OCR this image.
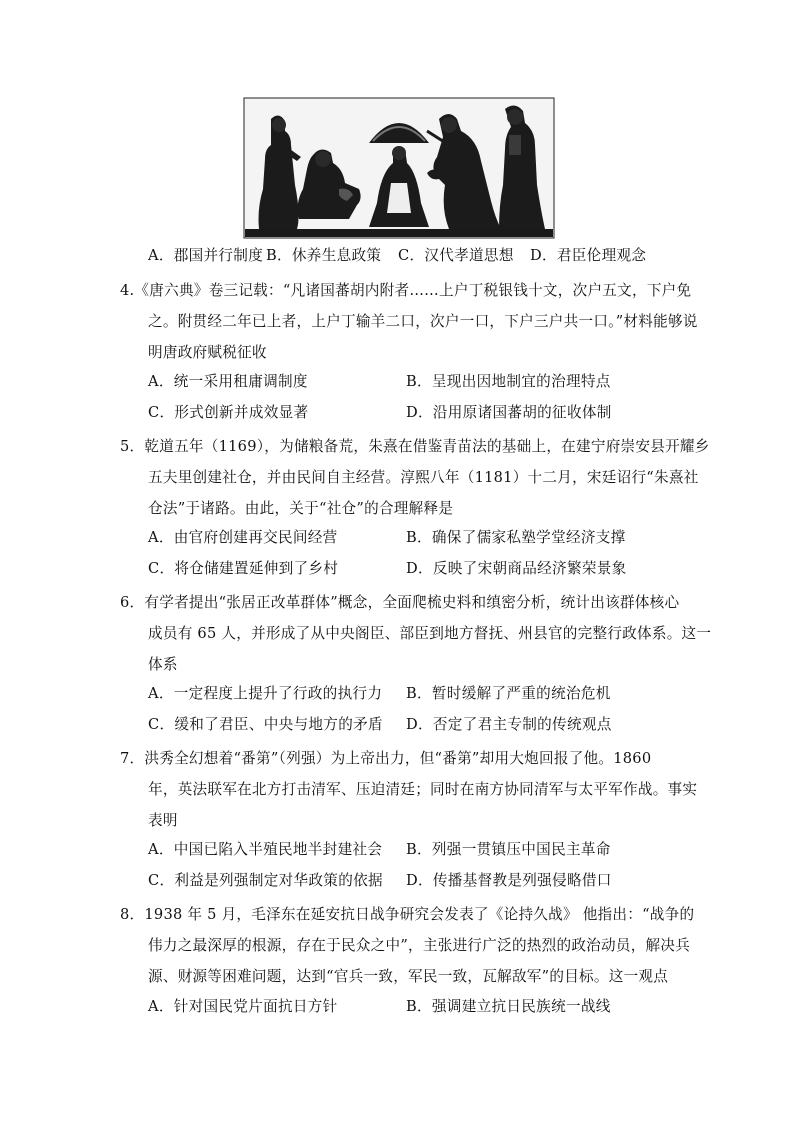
A．郡国并行制度 B．休养生息政策 C．汉代孝道思想 D．君臣伦理观念
4.《唐六典》卷三记载：“凡诸国蕃胡内附者……上户丁税银钱十文，次户五文，下户免
之。附贯经二年已上者，上户丁输羊二口，次户一口，下户三户共一口。”材料能够说
明唐政府赋税征收
A．统一采用租庸调制度	B．呈现出因地制宜的治理特点
C．形式创新并成效显著	D．沿用原诸国蕃胡的征收体制
5．乾道五年（1169），为储粮备荒，朱熹在借鉴青苗法的基础上，在建宁府崇安县开耀乡
五夫里创建社仓，并由民间自主经营。淳熙八年（1181）十二月，宋廷诏行“朱熹社
仓法”于诸路。由此，关于“社仓”的合理解释是
A．由官府创建再交民间经营	B．确保了儒家私塾学堂经济支撑
C．将仓储建置延伸到了乡村	D．反映了宋朝商品经济繁荣景象
6．有学者提出“张居正改革群体”概念，全面爬梳史料和缜密分析，统计出该群体核心
成员有 65 人，并形成了从中央阁臣、部臣到地方督抚、州县官的完整行政体系。这一
体系
A．一定程度上提升了行政的执行力 B．暂时缓解了严重的统治危机
C．缓和了君臣、中央与地方的矛盾 D．否定了君主专制的传统观点
7．洪秀全幻想着“番第”（列强）为上帝出力，但“番第”却用大炮回报了他。1860
年，英法联军在北方打击清军、压迫清廷；同时在南方协同清军与太平军作战。事实
表明
A．中国已陷入半殖民地半封建社会 B．列强一贯镇压中国民主革命
C．利益是列强制定对华政策的依据 D．传播基督教是列强侵略借口
8．1938 年 5 月，毛泽东在延安抗日战争研究会发表了《论持久战》 他指出：“战争的
伟力之最深厚的根源，存在于民众之中”，主张进行广泛的热烈的政治动员，解决兵
源、财源等困难问题，达到“官兵一致，军民一致，瓦解敌军”的目标。这一观点
A．针对国民党片面抗日方针	B．强调建立抗日民族统一战线
